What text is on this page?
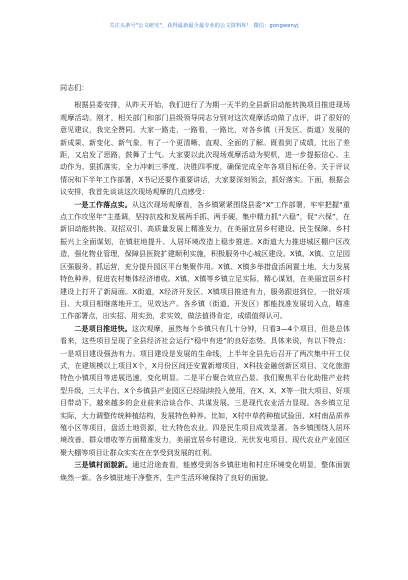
关注头条号"公文研究"，获得最新最全最专业的公文资料库！ 微信：gongwenyj

同志们：

根据县委安排，从昨天开始，我们进行了为期一天半的全县新旧动能转换项目推进现场观摩活动。刚才，相关部门和部门县级领导同志分别对这次观摩活动做了点评，讲了很好的意见建议，我完全赞同。大家一路走，一路看，一路比，对各乡镇（开发区、街道）发展的新成果、新变化、新气象，有了一个更清晰、直观、全面的了解。既看到了成绩，比出了差距，又启发了思路，鼓舞了士气。大家要以此次现场观摩活动为契机，进一步提振信心、主动作为、狠抓落实，全力冲刺三季度、决胜四季度，确保完成全年各项目标任务。关于评议情况和下半年工作部署，X书记还要作重要讲话，大家要深刻领会，抓好落实。下面，根据会议安排，我首先谈谈这次现场观摩的几点感受：

一是工作落点实。从这次现场观摩看，各乡镇紧紧围绕县委“X”工作部署，牢牢把握“重点工作攻坚年”主基调，坚持抗疫和发展两手抓、两手硬，集中精力抓“六稳”，促“六保”，在新旧动能转换、双招双引、高质量发展上精准发力，在美丽宜居乡村建设、民生保障、乡村振兴上全面谋划，在镇驻地提升、人居环境改造上稳步推进。X街道大力推进城区棚户区改造，强化物业管理，保障县医院扩建顺利实施，积极服务中心城区建设。X镇、X镇、立足园区强服务、抓运营，充分提升园区平台集聚作用。X镇、X镇多举措盘活闲置土地，大力发展特色种养，促进农村集体经济增收。X镇、X镇等乡镇立足实际，精心谋划，在美丽宜居乡村建设上打开了新局面。X街道，X经济开发区、X镇项目推进有力，服务跟进到位，一批好项目、大项目相继落地开工，见效达产。各乡镇（街道、开发区）都能找准发展切入点，瞄准工作部署点，出实招、用实劲，求实效，做法值得肯定，成绩值得认可。

二是项目推进快。这次观摩，虽然每个乡镇只有几十分钟，只看3—4个项目，但是总体看来，这些项目呈现了全县经济社会运行“稳中有进”的良好态势。具体来说，有以下特点：一是项目建设强劲有力。项目建设是发展的生命线，上半年全县先后召开了两次集中开工仪式，在建规模以上项目X个，X月份区间还安置新增项目，X科技金融创新区项目、文化旅游特色小镇项目等进展迅速，变化明显。二是平台聚合效应凸显。我们聚焦平台化助推产业转型升级，三大平台、X个乡镇县产业园区已经陆续投入使用，在X、X、X等一批大项目、好项目带动下，越来越多的企业前来洽谈合作、共谋发展。三是现代农业活力显现。各乡镇立足实际，大力调整传统种植结构，发展特色种养。比如，X村中草药种植试验田、X村南品质养殖小区等项目，盘活土地资源，壮大特色农业。四是民生项目成效显著。各乡镇围绕人居环境改善、群众增收等方面精准发力，美丽宜居乡村建设、光伏发电项目、现代农业产业园区聚大棚等项目让群众实实在在享受到发展的红利。

三是镇村面貌新。通过沿途查看，能感受到各乡镇驻地和村庄环境变化明显，整体面貌焕然一新。各乡镇驻地干净整齐，生产生活环境保持了良好的面貌。
